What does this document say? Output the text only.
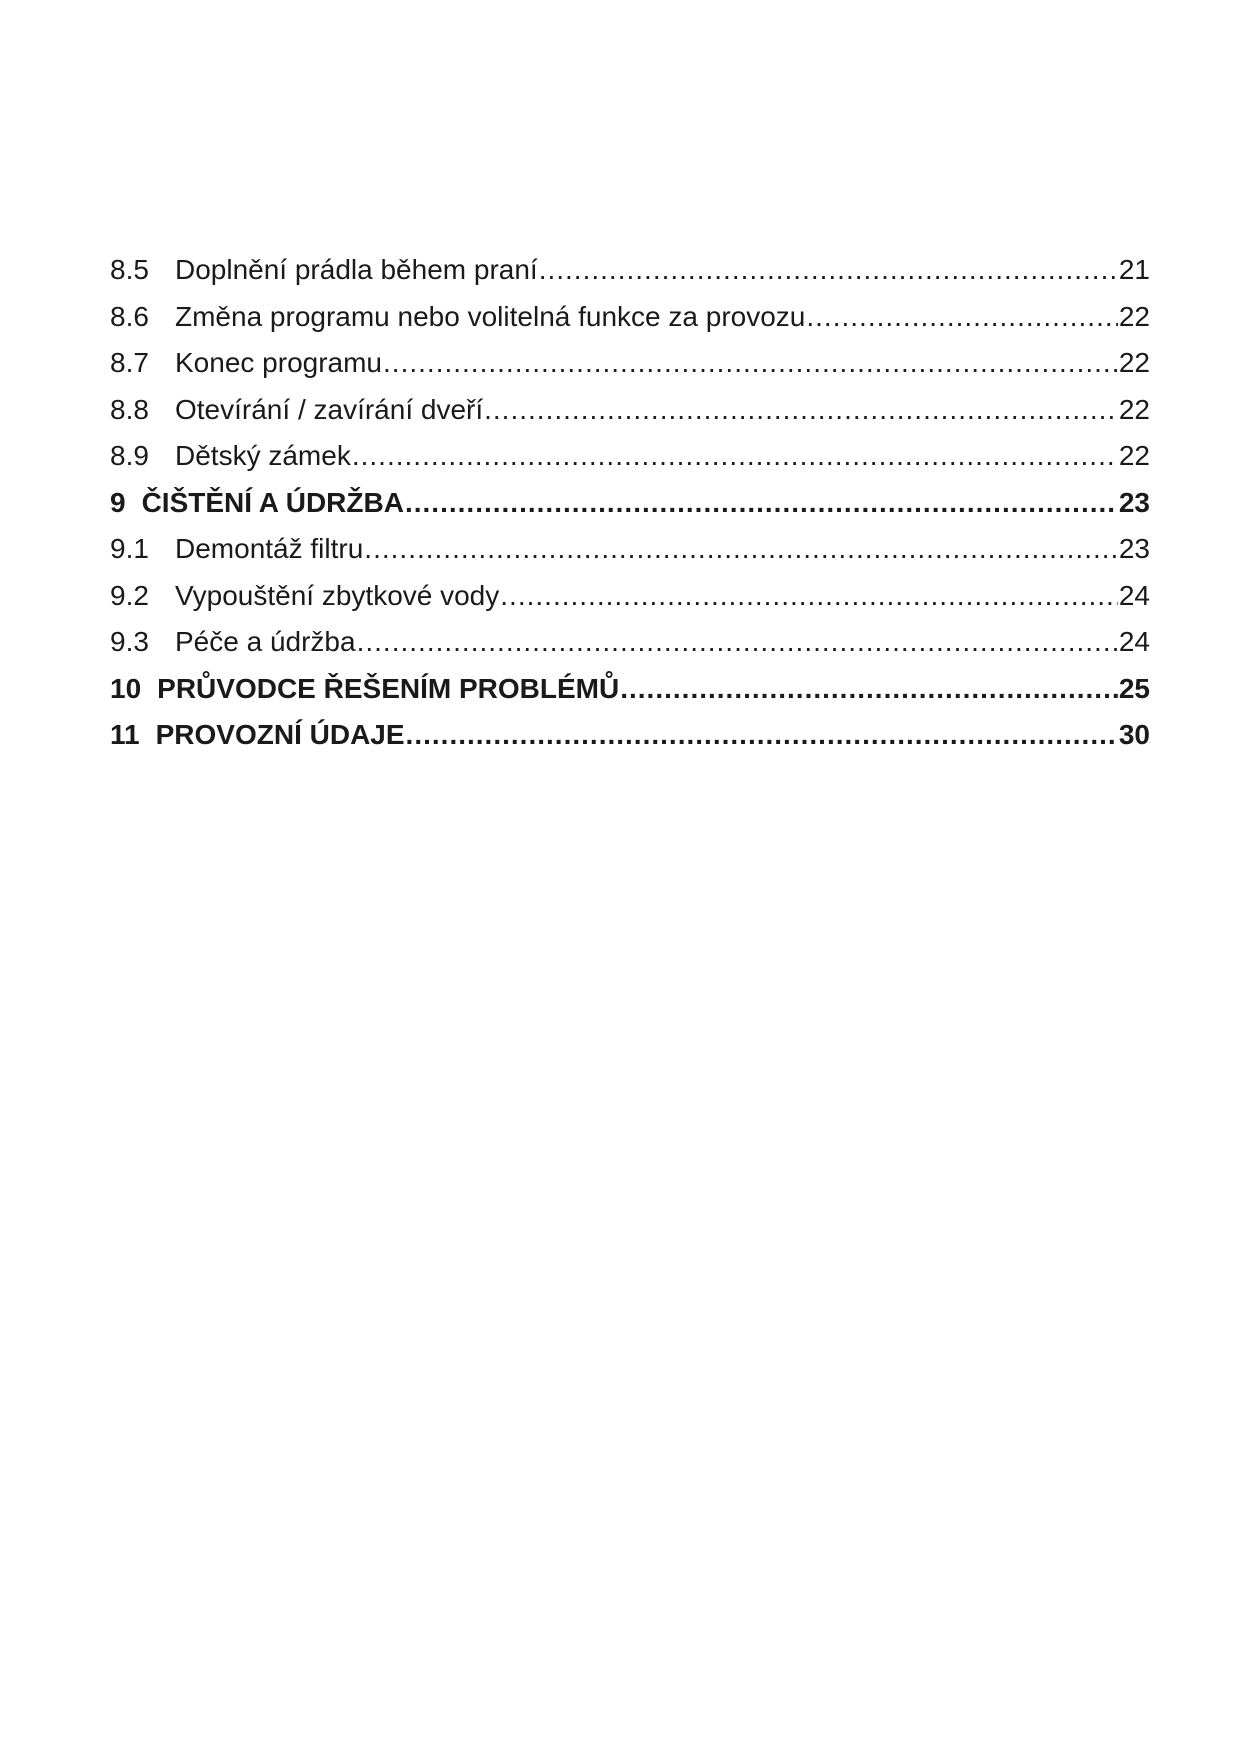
8.5 Doplnění prádla během praní .....	21
8.6 Změna programu nebo volitelná funkce za provozu .....	22
8.7 Konec programu .....	22
8.8 Otevírání / zavírání dveří .....	22
8.9 Dětský zámek .....	22
9 ČIŠTĚNÍ A ÚDRŽBA .....	23
9.1 Demontáž filtru .....	23
9.2 Vypouštění zbytkové vody .....	24
9.3 Péče a údržba .....	24
10 PRŮVODCE ŘEŠENÍM PROBLÉMŮ .....	25
11 PROVOZNÍ ÚDAJE .....	30
